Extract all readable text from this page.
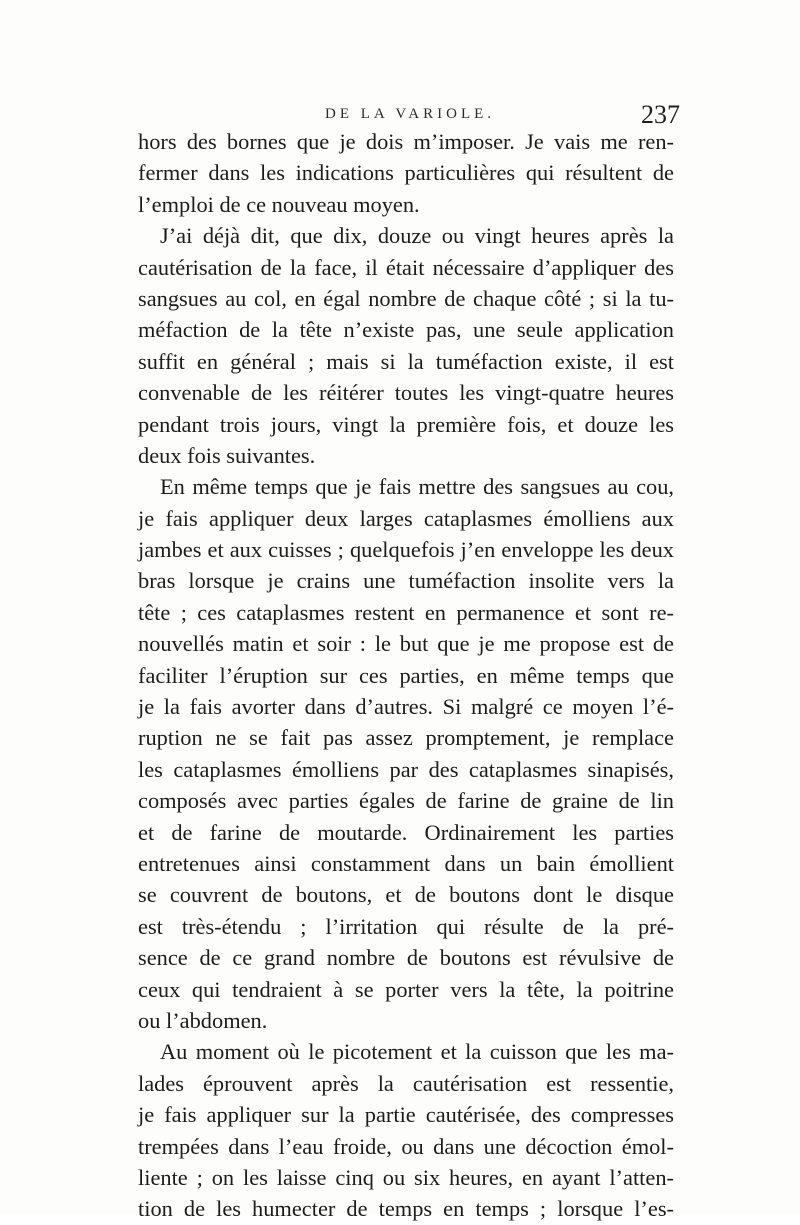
DE LA VARIOLE.	237
hors des bornes que je dois m’imposer. Je vais me ren-
fermer dans les indications particulières qui résultent de
l’emploi de ce nouveau moyen.
J’ai déjà dit, que dix, douze ou vingt heures après la
cautérisation de la face, il était nécessaire d’appliquer des
sangsues au col, en égal nombre de chaque côté ; si la tu-
méfaction de la tête n’existe pas, une seule application
suffit en général ; mais si la tuméfaction existe, il est
convenable de les réitérer toutes les vingt-quatre heures
pendant trois jours, vingt la première fois, et douze les
deux fois suivantes.
En même temps que je fais mettre des sangsues au cou,
je fais appliquer deux larges cataplasmes émolliens aux
jambes et aux cuisses ; quelquefois j’en enveloppe les deux
bras lorsque je crains une tuméfaction insolite vers la
tête ; ces cataplasmes restent en permanence et sont re-
nouvellés matin et soir : le but que je me propose est de
faciliter l’éruption sur ces parties, en même temps que
je la fais avorter dans d’autres. Si malgré ce moyen l’é-
ruption ne se fait pas assez promptement, je remplace
les cataplasmes émolliens par des cataplasmes sinapisés,
composés avec parties égales de farine de graine de lin
et de farine de moutarde. Ordinairement les parties
entretenues ainsi constamment dans un bain émollient
se couvrent de boutons, et de boutons dont le disque
est très-étendu ; l’irritation qui résulte de la pré-
sence de ce grand nombre de boutons est révulsive de
ceux qui tendraient à se porter vers la tête, la poitrine
ou l’abdomen.
Au moment où le picotement et la cuisson que les ma-
lades éprouvent après la cautérisation est ressentie,
je fais appliquer sur la partie cautérisée, des compresses
trempées dans l’eau froide, ou dans une décoction émol-
liente ; on les laisse cinq ou six heures, en ayant l’atten-
tion de les humecter de temps en temps ; lorsque l’es-
